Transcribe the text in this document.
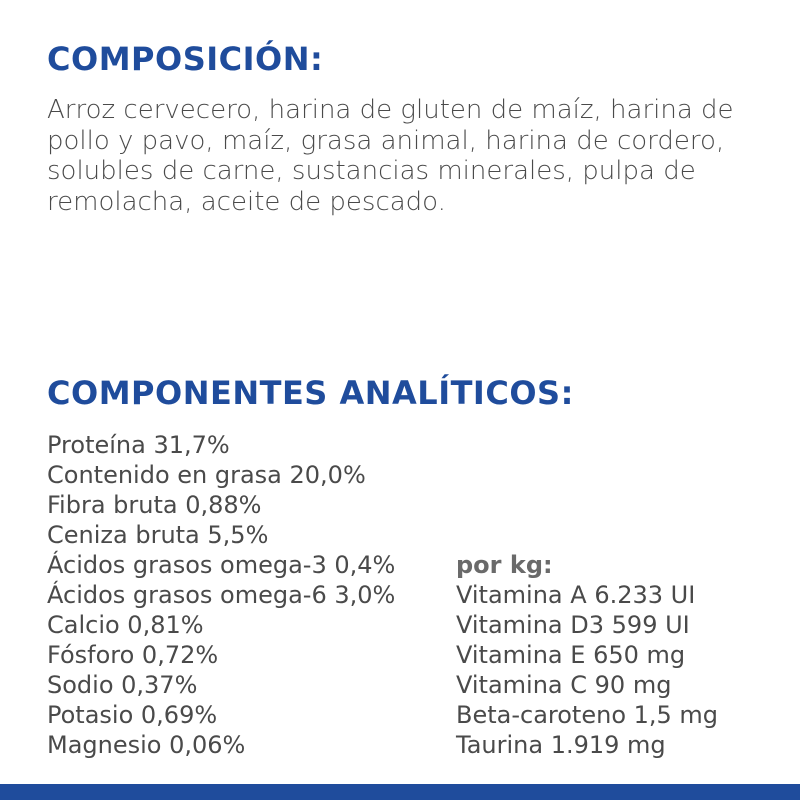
COMPOSICIÓN:

Arroz cervecero, harina de gluten de maíz, harina de pollo y pavo, maíz, grasa animal, harina de cordero, solubles de carne, sustancias minerales, pulpa de remolacha, aceite de pescado.

COMPONENTES ANALÍTICOS:
Proteína 31,7%
Contenido en grasa 20,0%
Fibra bruta 0,88%
Ceniza bruta 5,5%
Ácidos grasos omega-3 0,4%
Ácidos grasos omega-6 3,0%
Calcio 0,81%
Fósforo 0,72%
Sodio 0,37%
Potasio 0,69%
Magnesio 0,06%
por kg:
Vitamina A 6.233 UI
Vitamina D3 599 UI
Vitamina E 650 mg
Vitamina C 90 mg
Beta-caroteno 1,5 mg
Taurina 1.919 mg
